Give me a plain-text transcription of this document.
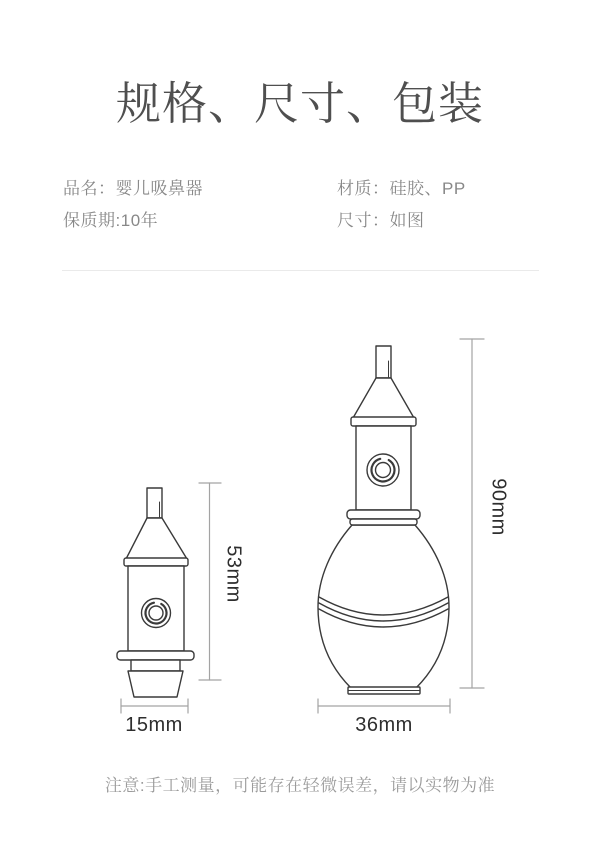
规格、尺寸、包装
品名：婴儿吸鼻器	材质：硅胶、PP
保质期:10年	尺寸：如图
53mm
15mm
90mm
36mm
注意:手工测量，可能存在轻微误差，请以实物为准
